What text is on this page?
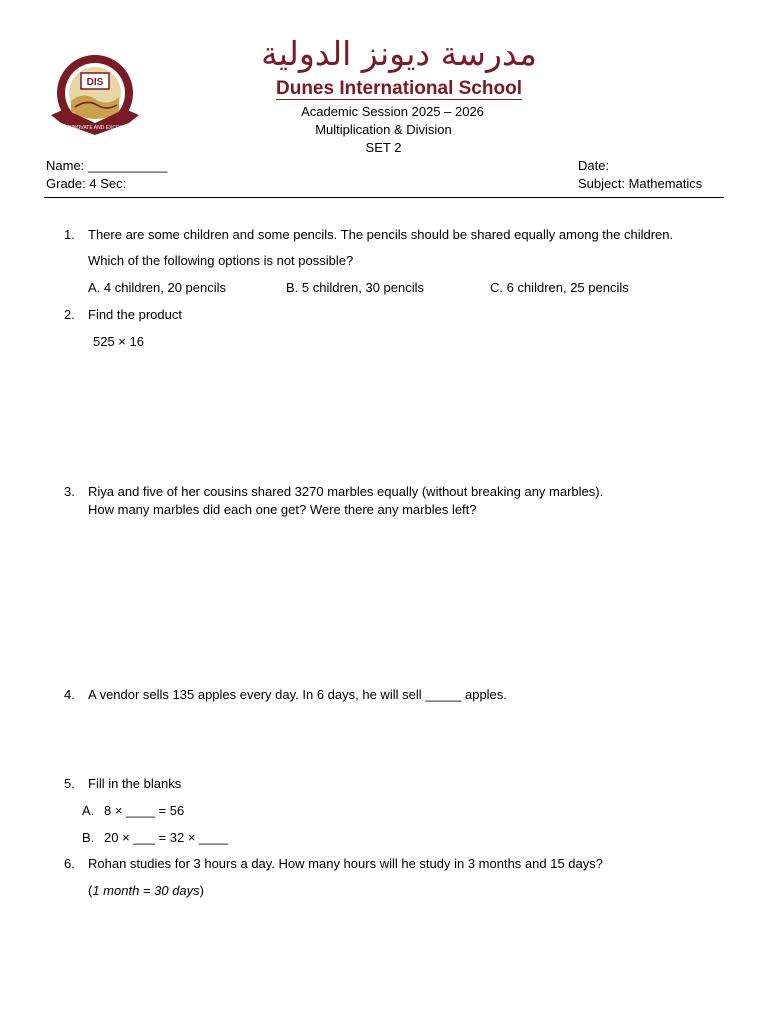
DIS
INNOVATE AND EXCEL
مدرسة ديونز الدولية
Dunes International School
Academic Session 2025 – 2026
Multiplication & Division
SET 2
Name: ___________
Grade: 4 Sec:
Date:
Subject: Mathematics
1. There are some children and some pencils. The pencils should be shared equally among the children.
Which of the following options is not possible?
A. 4 children, 20 pencils	B. 5 children, 30 pencils	C. 6 children, 25 pencils
2. Find the product
525 × 16
3. Riya and five of her cousins shared 3270 marbles equally (without breaking any marbles).
How many marbles did each one get? Were there any marbles left?
4. A vendor sells 135 apples every day. In 6 days, he will sell _____ apples.
5. Fill in the blanks
A. 8 × ____ = 56
B. 20 × ___ = 32 × ____
6. Rohan studies for 3 hours a day. How many hours will he study in 3 months and 15 days?
(1 month = 30 days)
